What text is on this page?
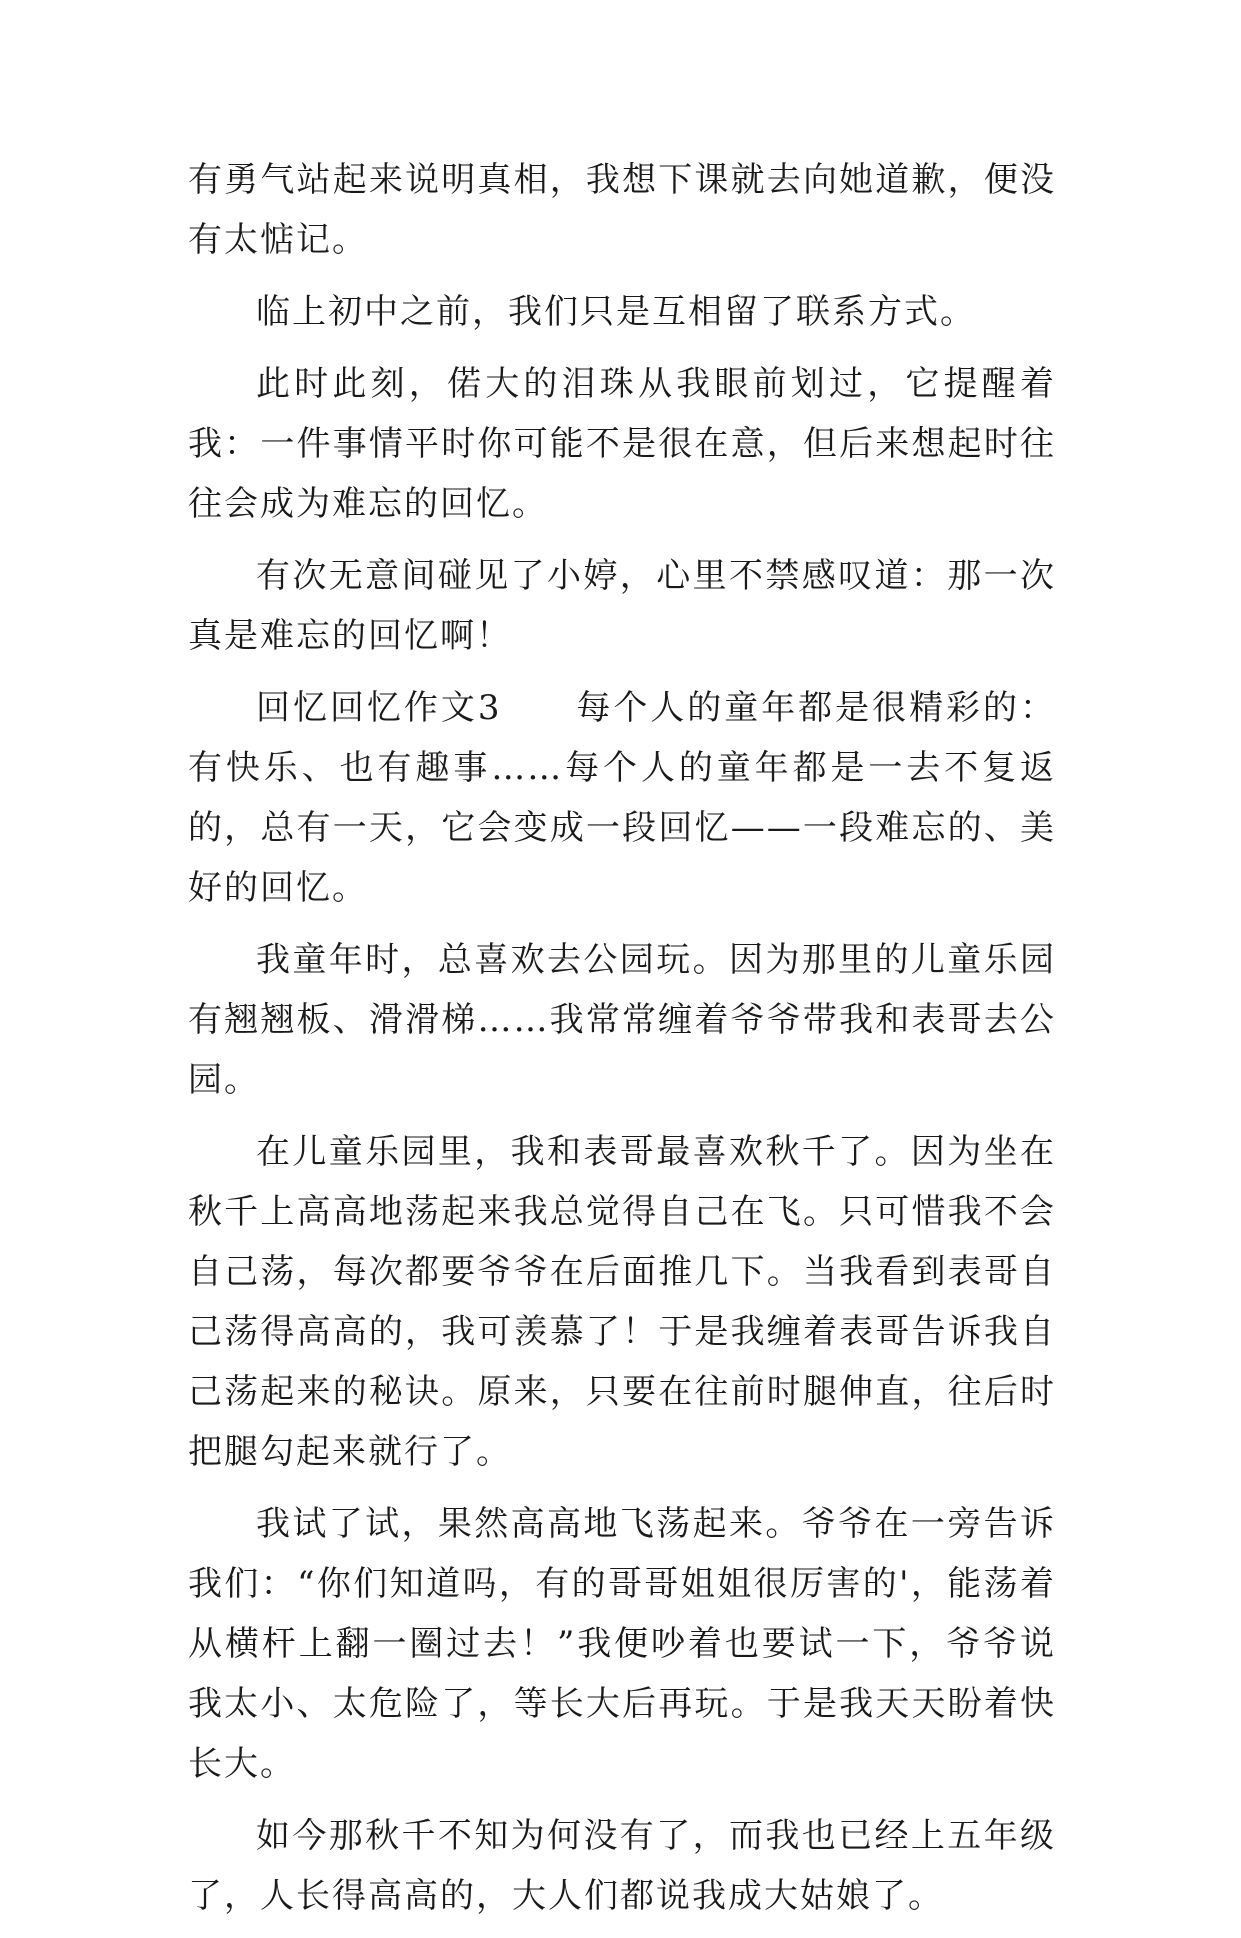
有勇气站起来说明真相，我想下课就去向她道歉，便没有太惦记。

临上初中之前，我们只是互相留了联系方式。

此时此刻，偌大的泪珠从我眼前划过，它提醒着我：一件事情平时你可能不是很在意，但后来想起时往往会成为难忘的回忆。

有次无意间碰见了小婷，心里不禁感叹道：那一次真是难忘的回忆啊！

回忆回忆作文3　　每个人的童年都是很精彩的：有快乐、也有趣事……每个人的童年都是一去不复返的，总有一天，它会变成一段回忆——一段难忘的、美好的回忆。

我童年时，总喜欢去公园玩。因为那里的儿童乐园有翘翘板、滑滑梯……我常常缠着爷爷带我和表哥去公园。

在儿童乐园里，我和表哥最喜欢秋千了。因为坐在秋千上高高地荡起来我总觉得自己在飞。只可惜我不会自己荡，每次都要爷爷在后面推几下。当我看到表哥自己荡得高高的，我可羡慕了！于是我缠着表哥告诉我自己荡起来的秘诀。原来，只要在往前时腿伸直，往后时把腿勾起来就行了。

我试了试，果然高高地飞荡起来。爷爷在一旁告诉我们：“你们知道吗，有的哥哥姐姐很厉害的'，能荡着从横杆上翻一圈过去！”我便吵着也要试一下，爷爷说我太小、太危险了，等长大后再玩。于是我天天盼着快长大。

如今那秋千不知为何没有了，而我也已经上五年级了，人长得高高的，大人们都说我成大姑娘了。
